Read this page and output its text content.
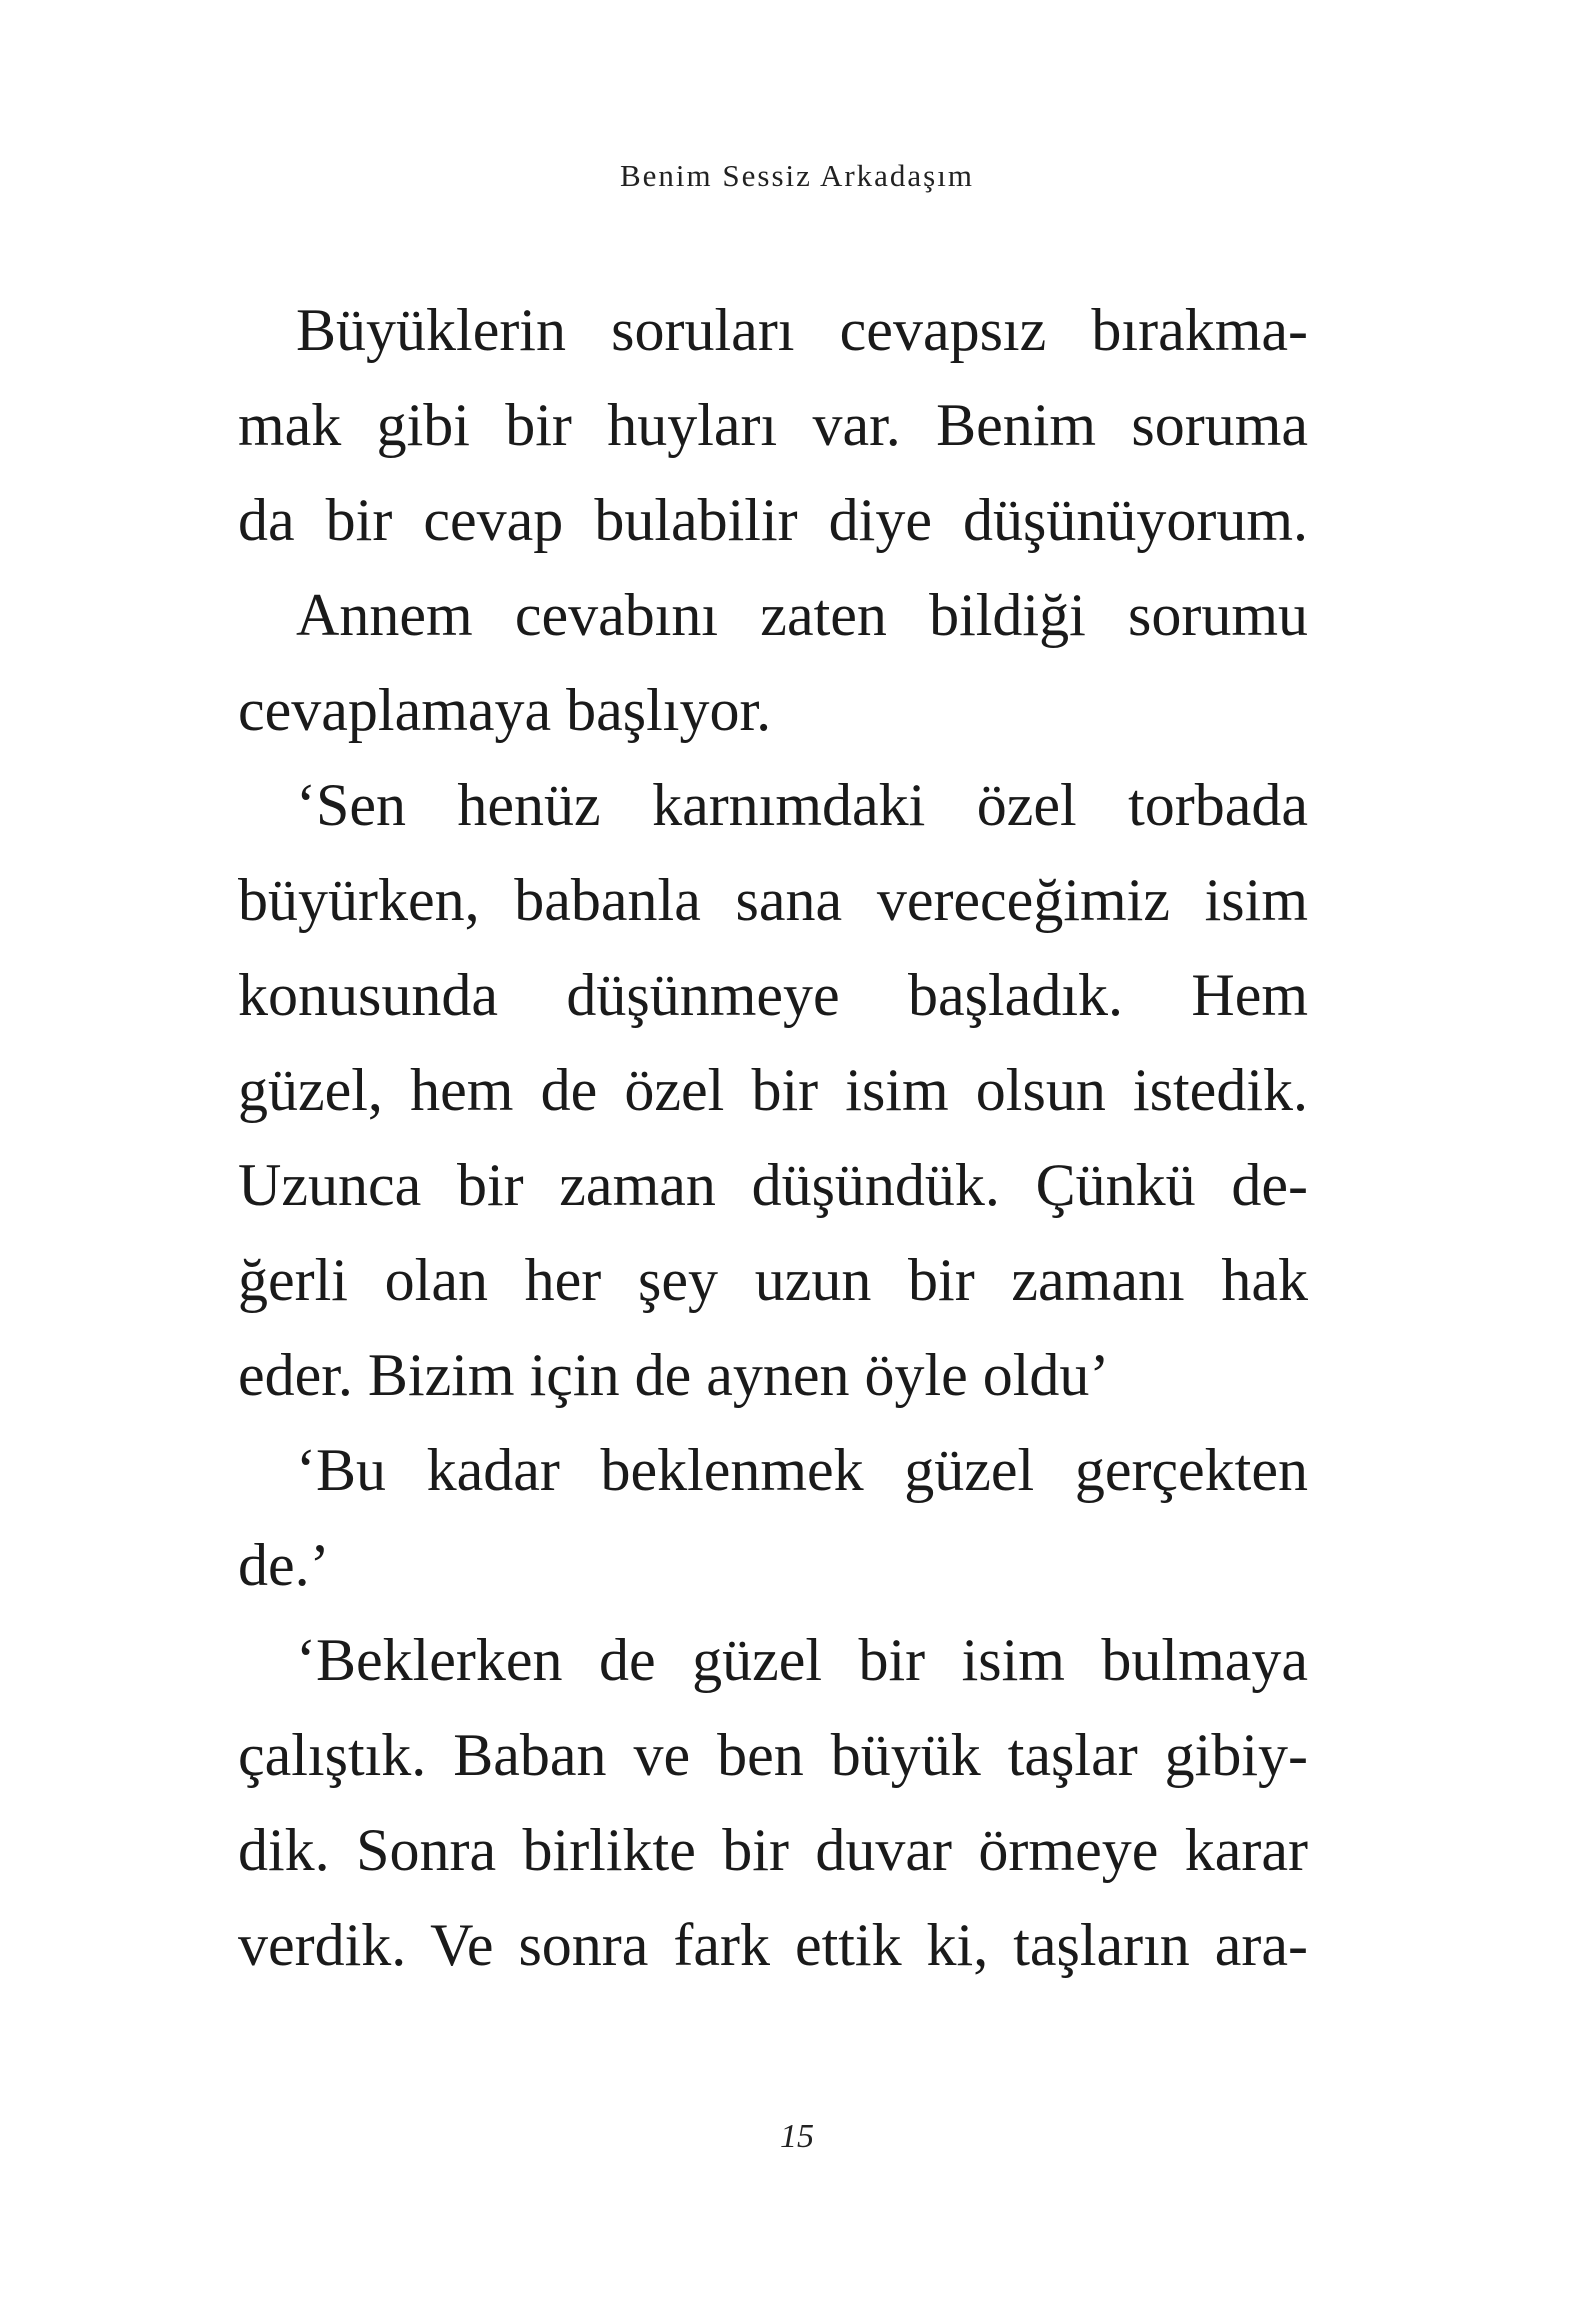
Benim Sessiz Arkadaşım
Büyüklerin soruları cevapsız bırakma-
mak gibi bir huyları var. Benim soruma
da bir cevap bulabilir diye düşünüyorum.
Annem cevabını zaten bildiği sorumu
cevaplamaya başlıyor.
‘Sen henüz karnımdaki özel torbada
büyürken, babanla sana vereceğimiz isim
konusunda düşünmeye başladık. Hem
güzel, hem de özel bir isim olsun istedik.
Uzunca bir zaman düşündük. Çünkü de-
ğerli olan her şey uzun bir zamanı hak
eder. Bizim için de aynen öyle oldu’
‘Bu kadar beklenmek güzel gerçekten
de.’
‘Beklerken de güzel bir isim bulmaya
çalıştık. Baban ve ben büyük taşlar gibiy-
dik. Sonra birlikte bir duvar örmeye karar
verdik. Ve sonra fark ettik ki, taşların ara-
15
